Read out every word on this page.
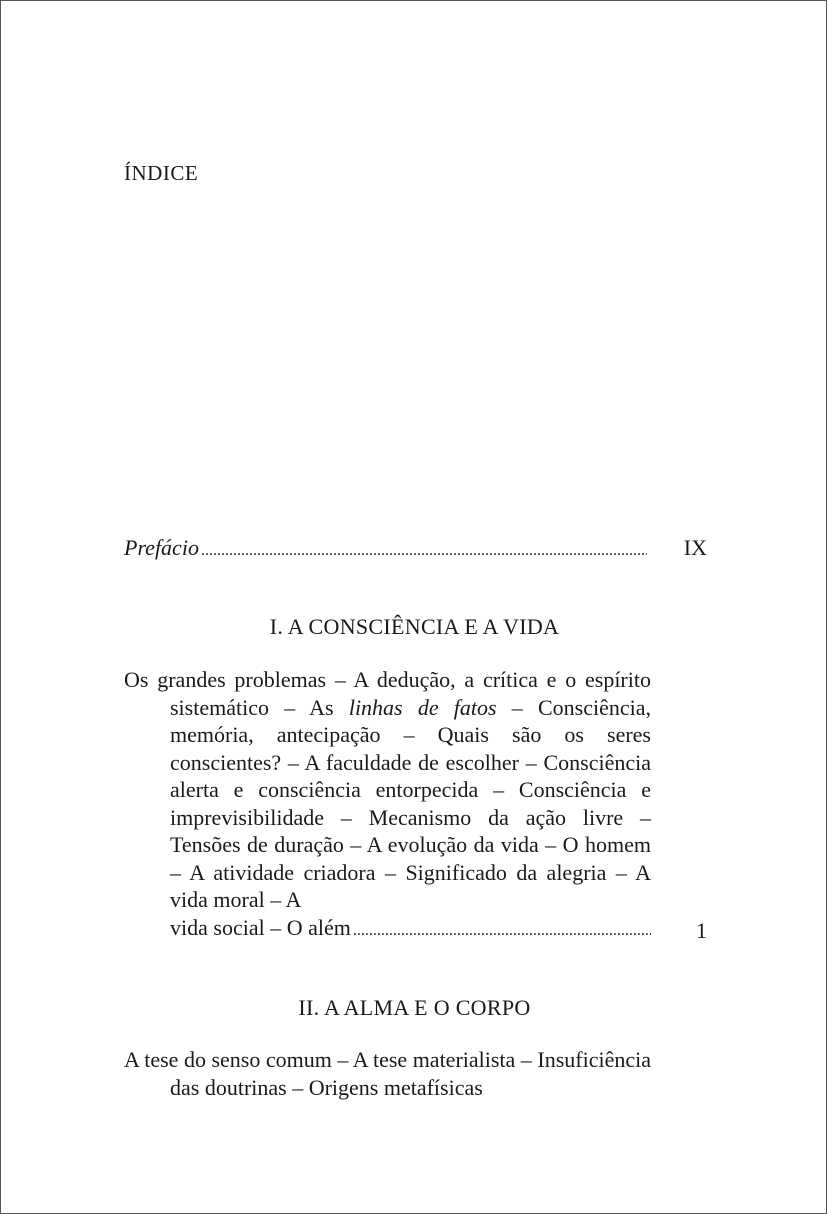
ÍNDICE
Prefácio .....	IX
I. A CONSCIÊNCIA E A VIDA
Os grandes problemas – A dedução, a crítica e o espírito sistemático – As linhas de fatos – Consciência, memória, antecipação – Quais são os seres conscientes? – A faculdade de escolher – Consciência alerta e consciência entorpecida – Consciência e imprevisibilidade – Mecanismo da ação livre – Tensões de duração – A evolução da vida – O homem – A atividade criadora – Significado da alegria – A vida moral – A
vida social – O além .....	1
II. A ALMA E O CORPO
A tese do senso comum – A tese materialista – Insuficiência das doutrinas – Origens metafísicas
